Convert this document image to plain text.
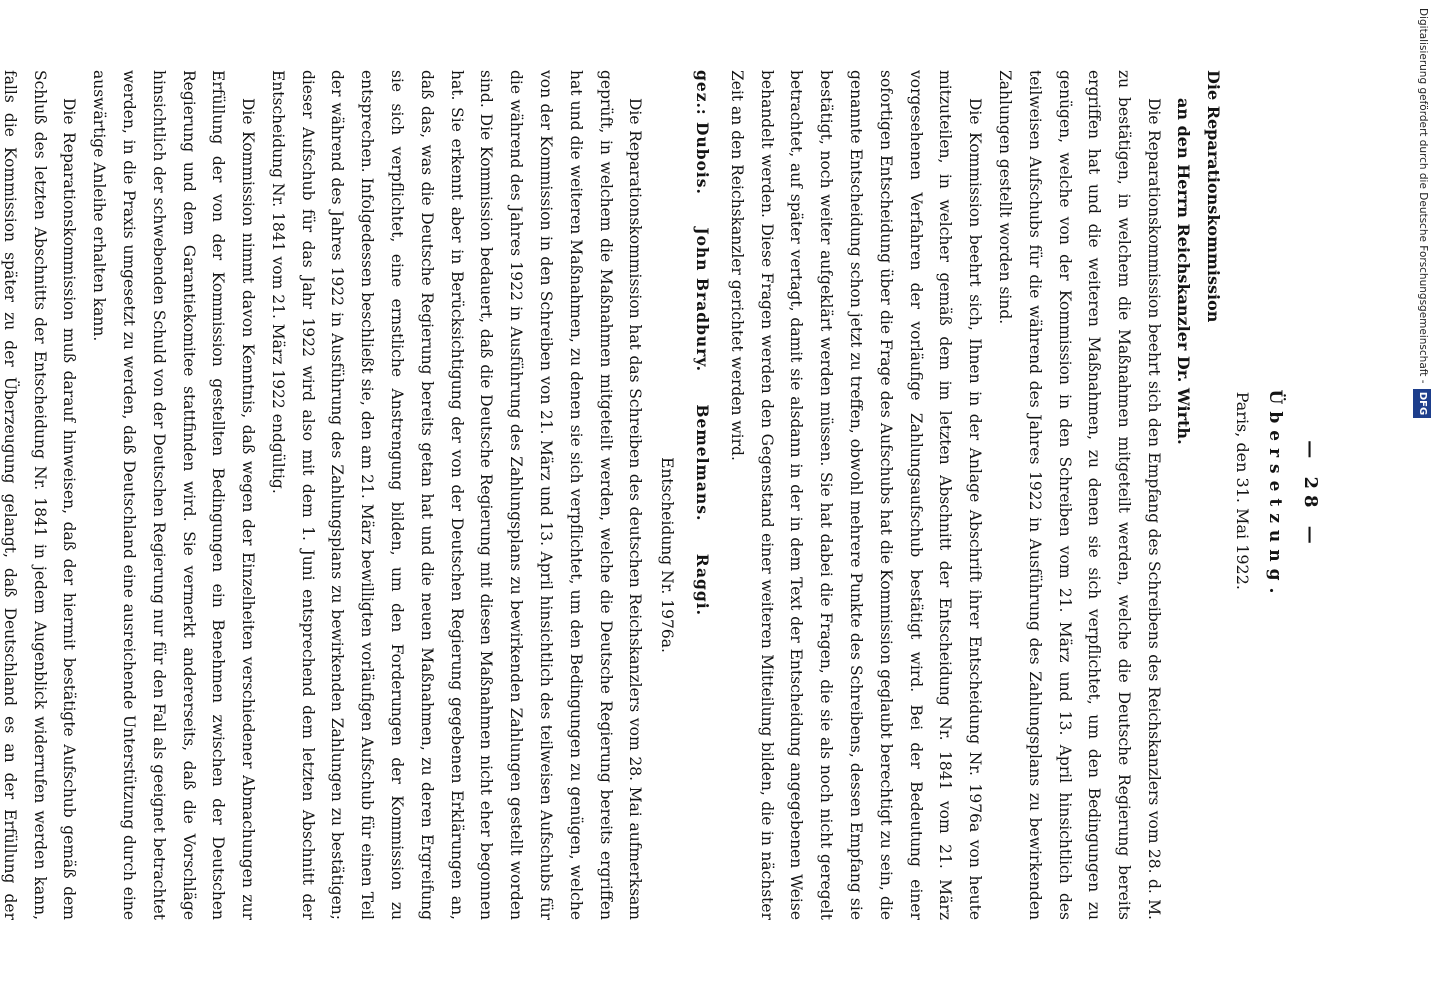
Digitalisierung gefördert durch die Deutsche Forschungsgemeinschaft - DFG
— 28 —
Übersetzung.
Paris, den 31. Mai 1922.
Die Reparationskommission
an den Herrn Reichskanzler Dr. Wirth.

Die Reparationskommission beehrt sich den Empfang des Schreibens des Reichskanzlers vom 28. d. M. zu bestätigen, in welchem die Maßnahmen mitgeteilt werden, welche die Deutsche Regierung bereits ergriffen hat und die weiteren Maßnahmen, zu denen sie sich verpflichtet, um den Bedingungen zu genügen, welche von der Kommission in den Schreiben vom 21. März und 13. April hinsichtlich des teilweisen Aufschubs für die während des Jahres 1922 in Ausführung des Zahlungsplans zu bewirkenden Zahlungen gestellt worden sind.

Die Kommission beehrt sich, Ihnen in der Anlage Abschrift ihrer Entscheidung Nr. 1976a von heute mitzuteilen, in welcher gemäß dem im letzten Abschnitt der Entscheidung Nr. 1841 vom 21. März vorgesehenen Verfahren der vorläufige Zahlungsaufschub bestätigt wird. Bei der Bedeutung einer sofortigen Entscheidung über die Frage des Aufschubs hat die Kommission geglaubt berechtigt zu sein, die genannte Entscheidung schon jetzt zu treffen, obwohl mehrere Punkte des Schreibens, dessen Empfang sie bestätigt, noch weiter aufgeklärt werden müssen. Sie hat dabei die Fragen, die sie als noch nicht geregelt betrachtet, auf später vertagt, damit sie alsdann in der in dem Text der Entscheidung angegebenen Weise behandelt werden. Diese Fragen werden den Gegenstand einer weiteren Mitteilung bilden, die in nächster Zeit an den Reichskanzler gerichtet werden wird.

gez.: Dubois. John Bradbury. Bemelmans. Raggi.
Entscheidung Nr. 1976a.

Die Reparationskommission hat das Schreiben des deutschen Reichskanzlers vom 28. Mai aufmerksam geprüft, in welchem die Maßnahmen mitgeteilt werden, welche die Deutsche Regierung bereits ergriffen hat und die weiteren Maßnahmen, zu denen sie sich verpflichtet, um den Bedingungen zu genügen, welche von der Kommission in den Schreiben von 21. März und 13. April hinsichtlich des teilweisen Aufschubs für die während des Jahres 1922 in Ausführung des Zahlungsplans zu bewirkenden Zahlungen gestellt worden sind. Die Kommission bedauert, daß die Deutsche Regierung mit diesen Maßnahmen nicht eher begonnen hat. Sie erkennt aber in Berücksichtigung der von der Deutschen Regierung gegebenen Erklärungen an, daß das, was die Deutsche Regierung bereits getan hat und die neuen Maßnahmen, zu deren Ergreifung sie sich verpflichtet, eine ernstliche Anstrengung bilden, um den Forderungen der Kommission zu entsprechen. Infolgedessen beschließt sie, den am 21. März bewilligten vorläufigen Aufschub für einen Teil der während des Jahres 1922 in Ausführung des Zahlungsplans zu bewirkenden Zahlungen zu bestätigen; dieser Aufschub für das Jahr 1922 wird also mit dem 1. Juni entsprechend dem letzten Abschnitt der Entscheidung Nr. 1841 vom 21. März 1922 endgültig.

Die Kommission nimmt davon Kenntnis, daß wegen der Einzelheiten verschiedener Abmachungen zur Erfüllung der von der Kommission gestellten Bedingungen ein Benehmen zwischen der Deutschen Regierung und dem Garantiekomitee stattfinden wird. Sie vermerkt andererseits, daß die Vorschläge hinsichtlich der schwebenden Schuld von der Deutschen Regierung nur für den Fall als geeignet betrachtet werden, in die Praxis umgesetzt zu werden, daß Deutschland eine ausreichende Unterstützung durch eine auswärtige Anleihe erhalten kann.

Die Reparationskommission muß darauf hinweisen, daß der hiermit bestätigte Aufschub gemäß dem Schluß des letzten Abschnitts der Entscheidung Nr. 1841 in jedem Augenblick widerrufen werden kann, falls die Kommission später zu der Überzeugung gelangt, daß Deutschland es an der Erfüllung der
